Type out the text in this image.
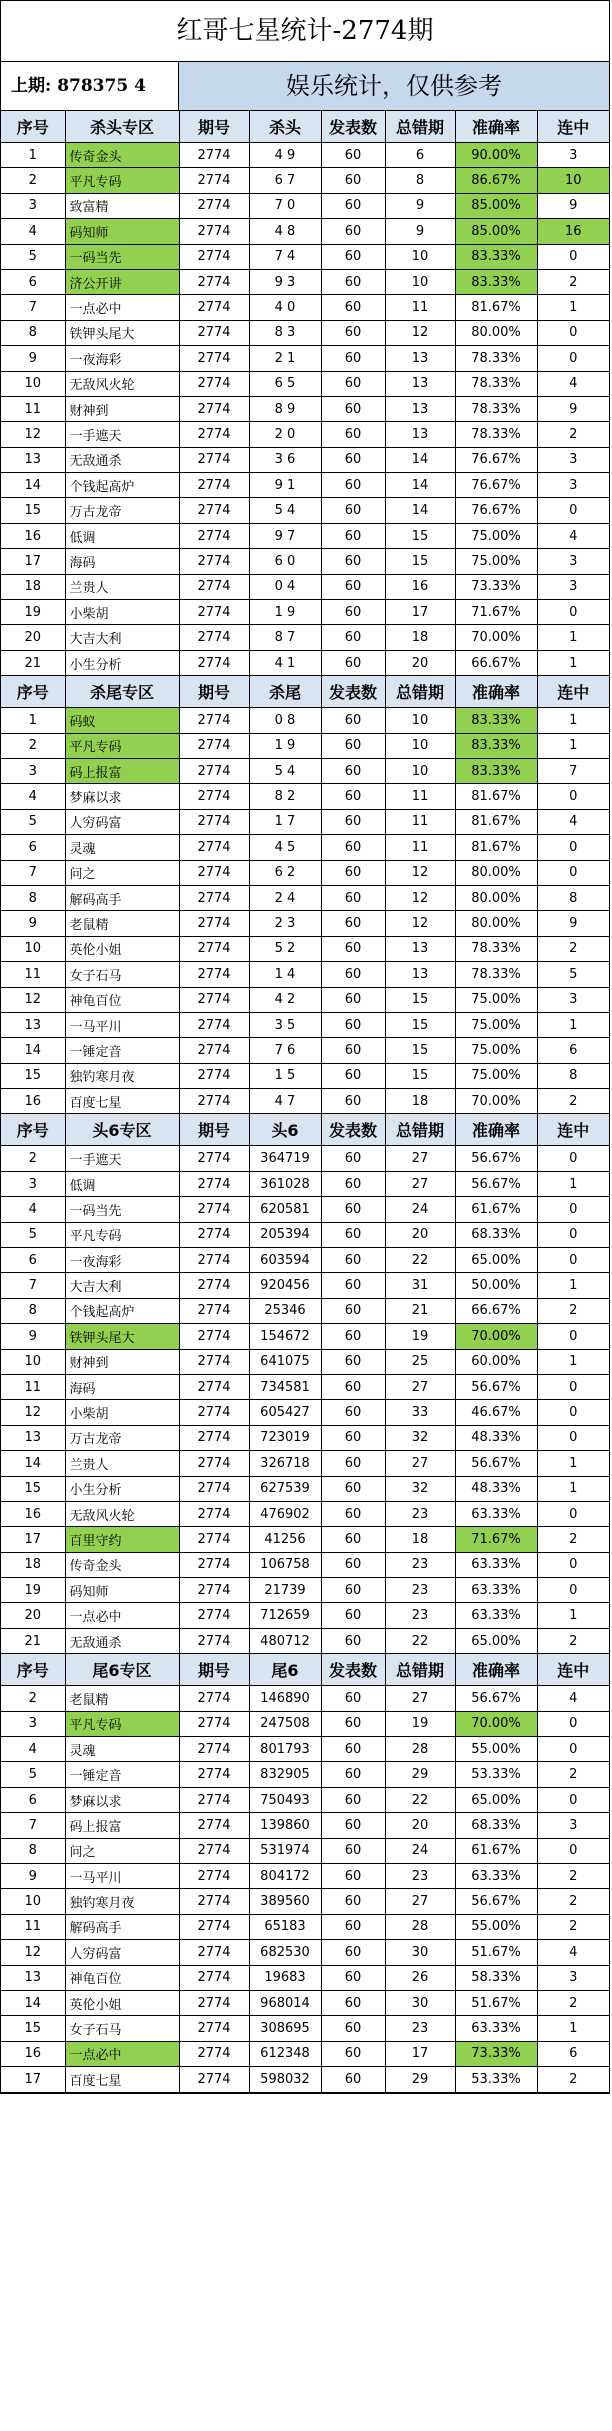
红哥七星统计-2774期
上期: 878375 4	娱乐统计，仅供参考
序号	杀头专区	期号	杀头	发表数	总错期	准确率	连中
1	传奇金头	2774	4 9	60	6	90.00%	3
2	平凡专码	2774	6 7	60	8	86.67%	10
3	致富精	2774	7 0	60	9	85.00%	9
4	码知师	2774	4 8	60	9	85.00%	16
5	一码当先	2774	7 4	60	10	83.33%	0
6	济公开讲	2774	9 3	60	10	83.33%	2
7	一点必中	2774	4 0	60	11	81.67%	1
8	铁钾头尾大	2774	8 3	60	12	80.00%	0
9	一夜海彩	2774	2 1	60	13	78.33%	0
10	无敌风火轮	2774	6 5	60	13	78.33%	4
11	财神到	2774	8 9	60	13	78.33%	9
12	一手遮天	2774	2 0	60	13	78.33%	2
13	无敌通杀	2774	3 6	60	14	76.67%	3
14	个钱起高炉	2774	9 1	60	14	76.67%	3
15	万古龙帝	2774	5 4	60	14	76.67%	0
16	低调	2774	9 7	60	15	75.00%	4
17	海码	2774	6 0	60	15	75.00%	3
18	兰贵人	2774	0 4	60	16	73.33%	3
19	小柴胡	2774	1 9	60	17	71.67%	0
20	大吉大利	2774	8 7	60	18	70.00%	1
21	小生分析	2774	4 1	60	20	66.67%	1
序号	杀尾专区	期号	杀尾	发表数	总错期	准确率	连中
1	码蚁	2774	0 8	60	10	83.33%	1
2	平凡专码	2774	1 9	60	10	83.33%	1
3	码上报富	2774	5 4	60	10	83.33%	7
4	梦麻以求	2774	8 2	60	11	81.67%	0
5	人穷码富	2774	1 7	60	11	81.67%	4
6	灵魂	2774	4 5	60	11	81.67%	0
7	问之	2774	6 2	60	12	80.00%	0
8	解码高手	2774	2 4	60	12	80.00%	8
9	老鼠精	2774	2 3	60	12	80.00%	9
10	英伦小姐	2774	5 2	60	13	78.33%	2
11	女子石马	2774	1 4	60	13	78.33%	5
12	神龟百位	2774	4 2	60	15	75.00%	3
13	一马平川	2774	3 5	60	15	75.00%	1
14	一锤定音	2774	7 6	60	15	75.00%	6
15	独钓寒月夜	2774	1 5	60	15	75.00%	8
16	百度七星	2774	4 7	60	18	70.00%	2
序号	头6专区	期号	头6	发表数	总错期	准确率	连中
2	一手遮天	2774	364719	60	27	56.67%	0
3	低调	2774	361028	60	27	56.67%	1
4	一码当先	2774	620581	60	24	61.67%	0
5	平凡专码	2774	205394	60	20	68.33%	0
6	一夜海彩	2774	603594	60	22	65.00%	0
7	大吉大利	2774	920456	60	31	50.00%	1
8	个钱起高炉	2774	25346	60	21	66.67%	2
9	铁钾头尾大	2774	154672	60	19	70.00%	0
10	财神到	2774	641075	60	25	60.00%	1
11	海码	2774	734581	60	27	56.67%	0
12	小柴胡	2774	605427	60	33	46.67%	0
13	万古龙帝	2774	723019	60	32	48.33%	0
14	兰贵人	2774	326718	60	27	56.67%	1
15	小生分析	2774	627539	60	32	48.33%	1
16	无敌风火轮	2774	476902	60	23	63.33%	0
17	百里守约	2774	41256	60	18	71.67%	2
18	传奇金头	2774	106758	60	23	63.33%	0
19	码知师	2774	21739	60	23	63.33%	0
20	一点必中	2774	712659	60	23	63.33%	1
21	无敌通杀	2774	480712	60	22	65.00%	2
序号	尾6专区	期号	尾6	发表数	总错期	准确率	连中
2	老鼠精	2774	146890	60	27	56.67%	4
3	平凡专码	2774	247508	60	19	70.00%	0
4	灵魂	2774	801793	60	28	55.00%	0
5	一锤定音	2774	832905	60	29	53.33%	2
6	梦麻以求	2774	750493	60	22	65.00%	0
7	码上报富	2774	139860	60	20	68.33%	3
8	问之	2774	531974	60	24	61.67%	0
9	一马平川	2774	804172	60	23	63.33%	2
10	独钓寒月夜	2774	389560	60	27	56.67%	2
11	解码高手	2774	65183	60	28	55.00%	2
12	人穷码富	2774	682530	60	30	51.67%	4
13	神龟百位	2774	19683	60	26	58.33%	3
14	英伦小姐	2774	968014	60	30	51.67%	2
15	女子石马	2774	308695	60	23	63.33%	1
16	一点必中	2774	612348	60	17	73.33%	6
17	百度七星	2774	598032	60	29	53.33%	2
